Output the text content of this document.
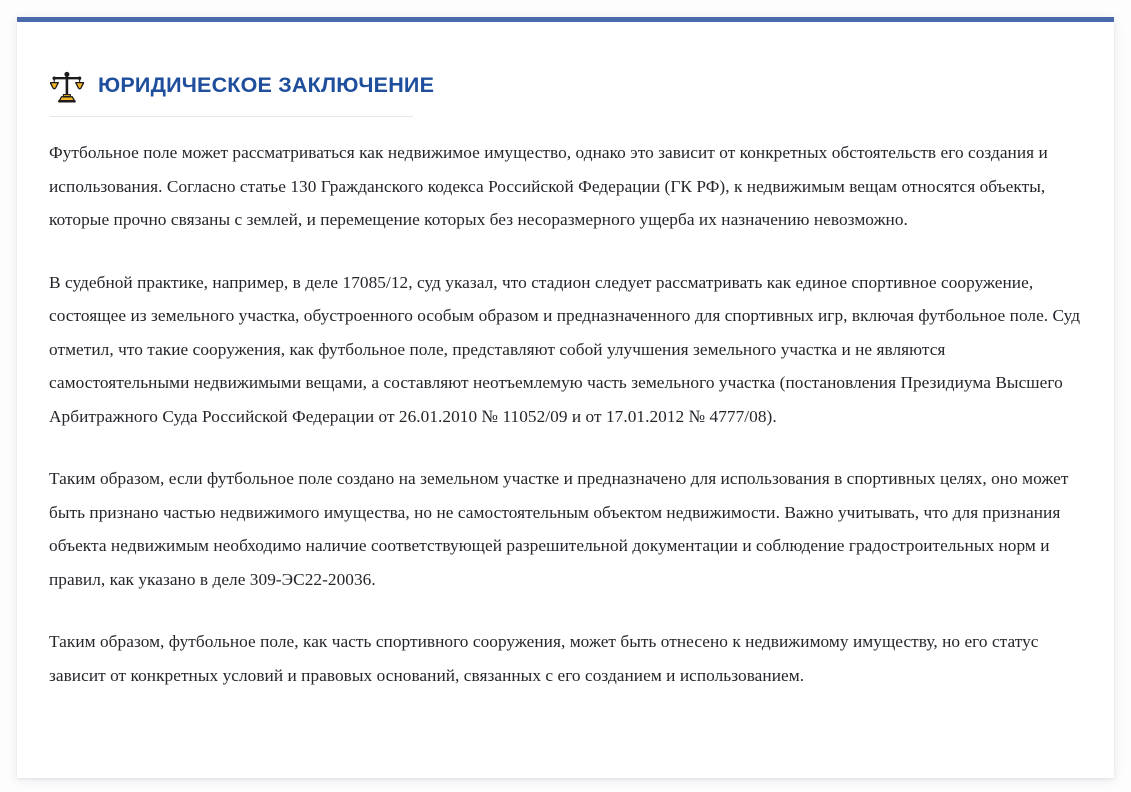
ЮРИДИЧЕСКОЕ ЗАКЛЮЧЕНИЕ

Футбольное поле может рассматриваться как недвижимое имущество, однако это зависит от конкретных обстоятельств его создания и использования. Согласно статье 130 Гражданского кодекса Российской Федерации (ГК РФ), к недвижимым вещам относятся объекты, которые прочно связаны с землей, и перемещение которых без несоразмерного ущерба их назначению невозможно.

В судебной практике, например, в деле 17085/12, суд указал, что стадион следует рассматривать как единое спортивное сооружение, состоящее из земельного участка, обустроенного особым образом и предназначенного для спортивных игр, включая футбольное поле. Суд отметил, что такие сооружения, как футбольное поле, представляют собой улучшения земельного участка и не являются самостоятельными недвижимыми вещами, а составляют неотъемлемую часть земельного участка (постановления Президиума Высшего Арбитражного Суда Российской Федерации от 26.01.2010 № 11052/09 и от 17.01.2012 № 4777/08).

Таким образом, если футбольное поле создано на земельном участке и предназначено для использования в спортивных целях, оно может быть признано частью недвижимого имущества, но не самостоятельным объектом недвижимости. Важно учитывать, что для признания объекта недвижимым необходимо наличие соответствующей разрешительной документации и соблюдение градостроительных норм и правил, как указано в деле 309-ЭС22-20036.

Таким образом, футбольное поле, как часть спортивного сооружения, может быть отнесено к недвижимому имуществу, но его статус зависит от конкретных условий и правовых оснований, связанных с его созданием и использованием.
